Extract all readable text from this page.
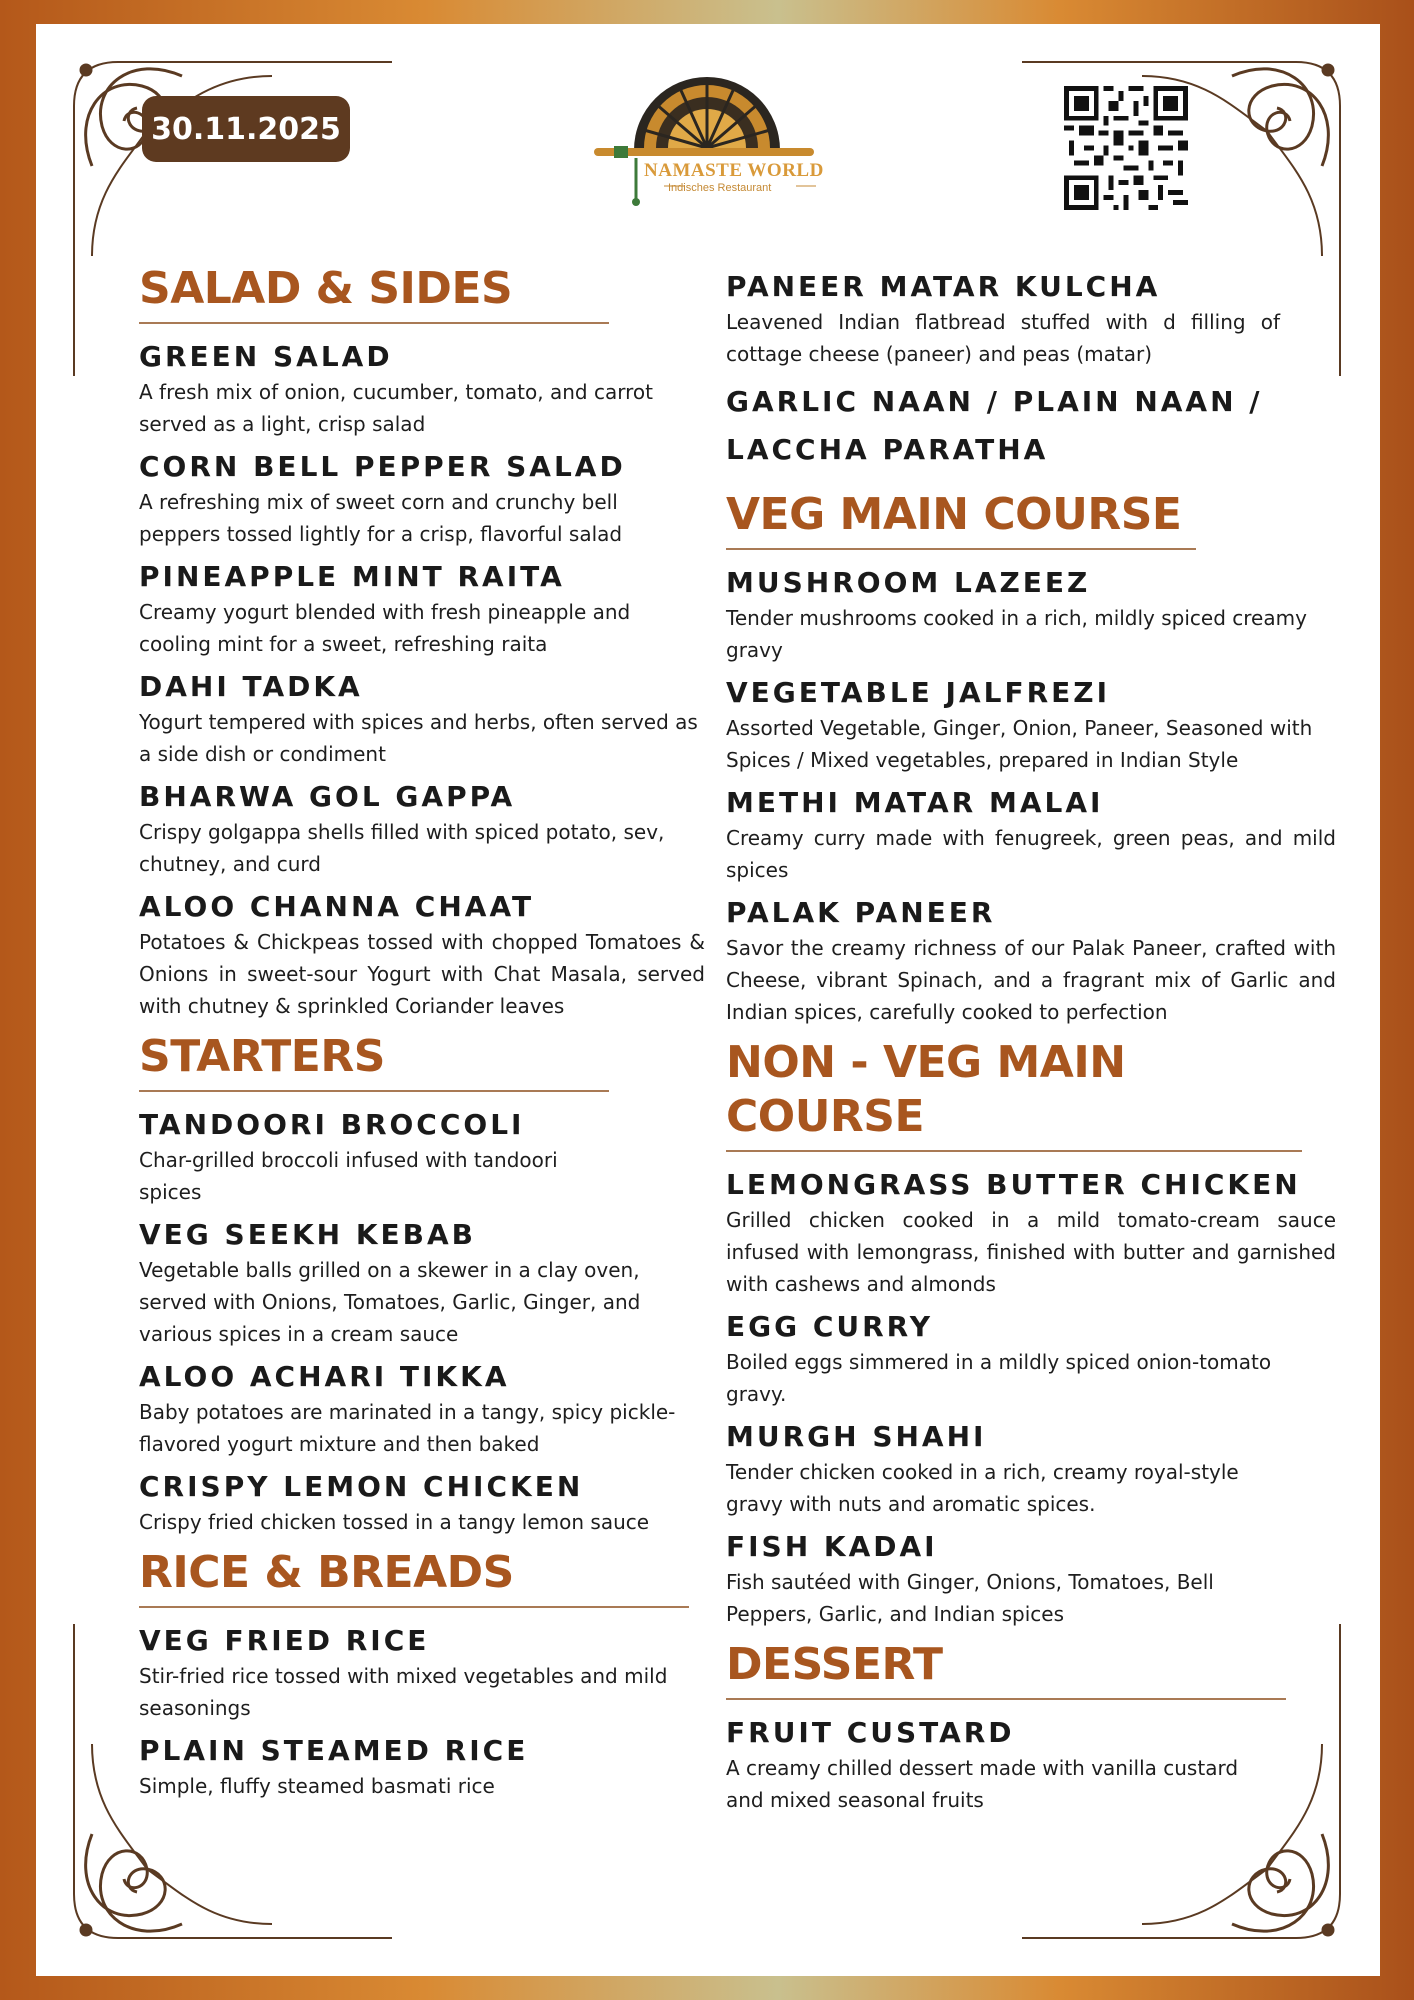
30.11.2025
NAMASTE WORLD
Indisches Restaurant
SALAD & SIDES
GREEN SALAD
A fresh mix of onion, cucumber, tomato, and carrot served as a light, crisp salad
CORN BELL PEPPER SALAD
A refreshing mix of sweet corn and crunchy bell peppers tossed lightly for a crisp, flavorful salad
PINEAPPLE MINT RAITA
Creamy yogurt blended with fresh pineapple and cooling mint for a sweet, refreshing raita
DAHI TADKA
Yogurt tempered with spices and herbs, often served as a side dish or condiment
BHARWA GOL GAPPA
Crispy golgappa shells filled with spiced potato, sev, chutney, and curd
ALOO CHANNA CHAAT
Potatoes & Chickpeas tossed with chopped Tomatoes & Onions in sweet-sour Yogurt with Chat Masala, served with chutney & sprinkled Coriander leaves
STARTERS
TANDOORI BROCCOLI
Char-grilled broccoli infused with tandoori spices
VEG SEEKH KEBAB
Vegetable balls grilled on a skewer in a clay oven, served with Onions, Tomatoes, Garlic, Ginger, and various spices in a cream sauce
ALOO ACHARI TIKKA
Baby potatoes are marinated in a tangy, spicy pickle-flavored yogurt mixture and then baked
CRISPY LEMON CHICKEN
Crispy fried chicken tossed in a tangy lemon sauce
RICE & BREADS
VEG FRIED RICE
Stir-fried rice tossed with mixed vegetables and mild seasonings
PLAIN STEAMED RICE
Simple, fluffy steamed basmati rice
PANEER MATAR KULCHA
Leavened Indian flatbread stuffed with d filling of cottage cheese (paneer) and peas (matar)
GARLIC NAAN / PLAIN NAAN / LACCHA PARATHA
VEG MAIN COURSE
MUSHROOM LAZEEZ
Tender mushrooms cooked in a rich, mildly spiced creamy gravy
VEGETABLE JALFREZI
Assorted Vegetable, Ginger, Onion, Paneer, Seasoned with Spices / Mixed vegetables, prepared in Indian Style
METHI MATAR MALAI
Creamy curry made with fenugreek, green peas, and mild spices
PALAK PANEER
Savor the creamy richness of our Palak Paneer, crafted with Cheese, vibrant Spinach, and a fragrant mix of Garlic and Indian spices, carefully cooked to perfection
NON - VEG MAIN COURSE
LEMONGRASS BUTTER CHICKEN
Grilled chicken cooked in a mild tomato-cream sauce infused with lemongrass, finished with butter and garnished with cashews and almonds
EGG CURRY
Boiled eggs simmered in a mildly spiced onion-tomato gravy.
MURGH SHAHI
Tender chicken cooked in a rich, creamy royal-style gravy with nuts and aromatic spices.
FISH KADAI
Fish sautéed with Ginger, Onions, Tomatoes, Bell Peppers, Garlic, and Indian spices
DESSERT
FRUIT CUSTARD
A creamy chilled dessert made with vanilla custard and mixed seasonal fruits
